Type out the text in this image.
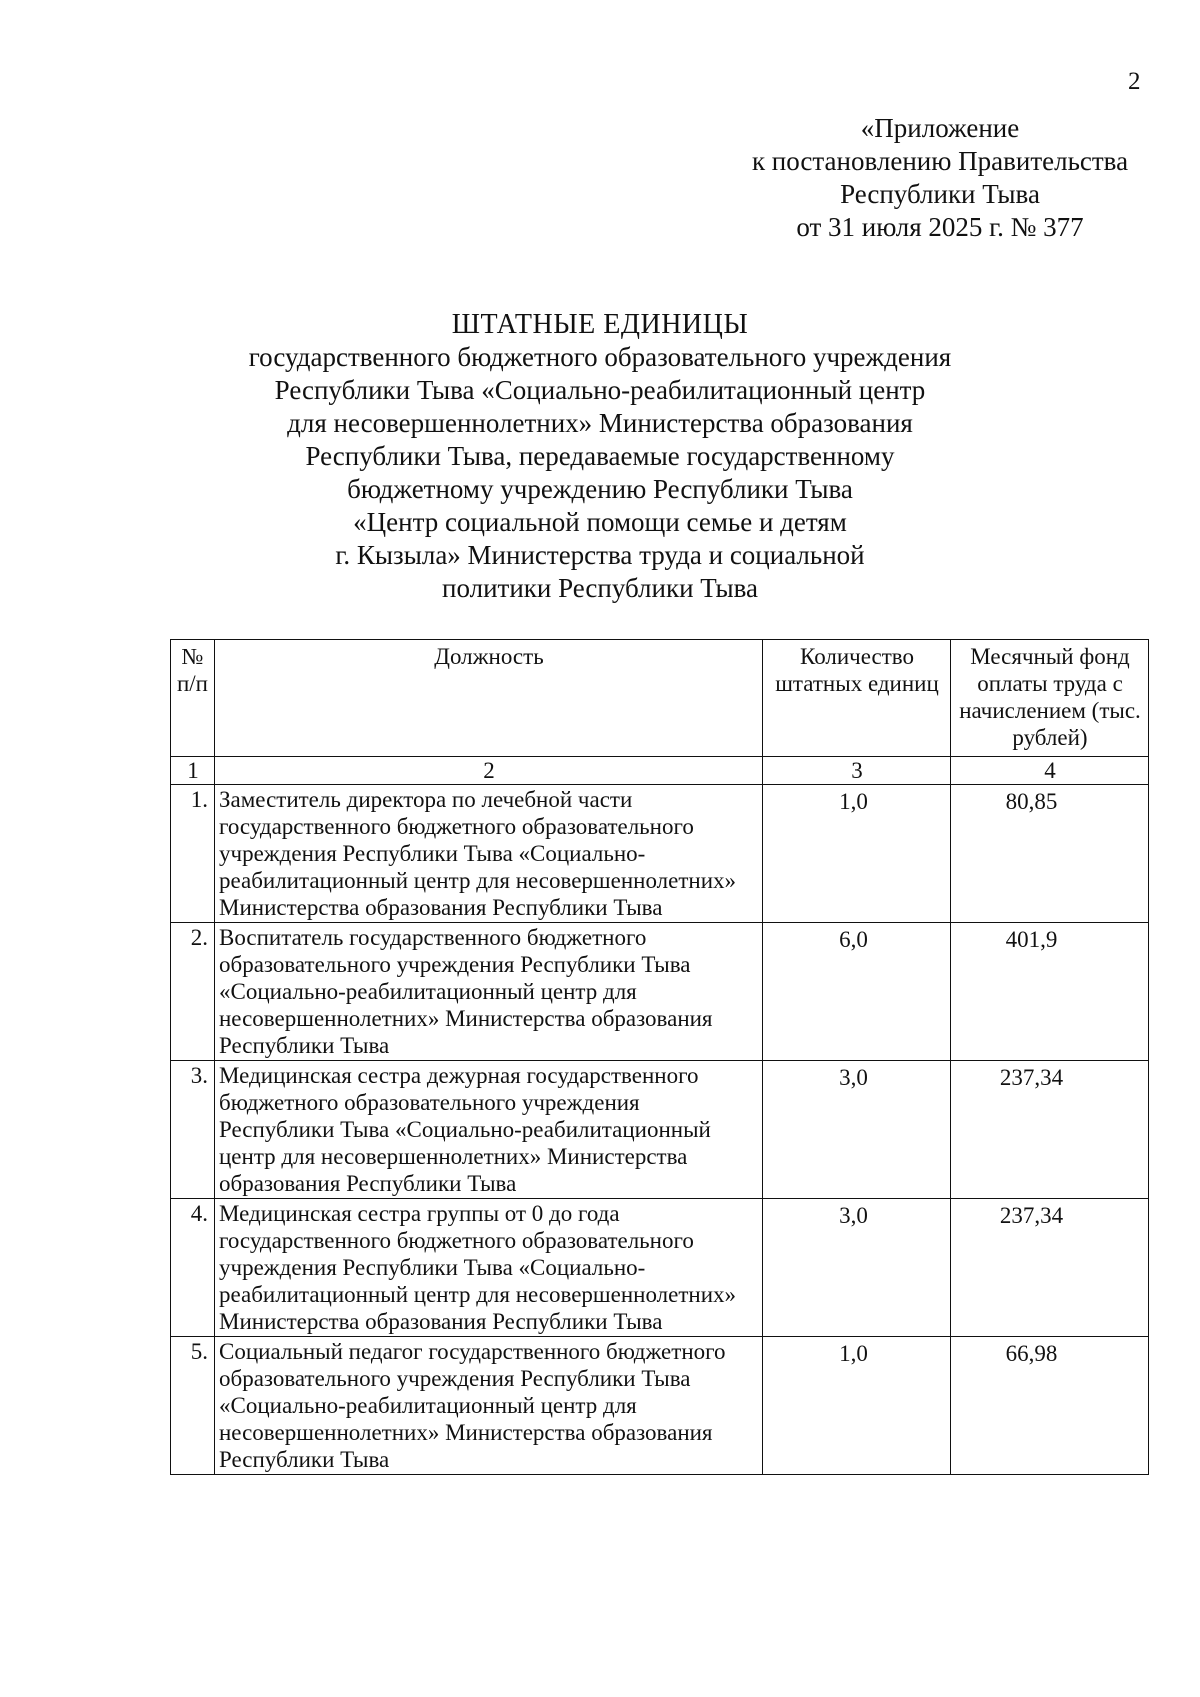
2
«Приложение
к постановлению Правительства
Республики Тыва
от 31 июля 2025 г. № 377
ШТАТНЫЕ ЕДИНИЦЫ
государственного бюджетного образовательного учреждения
Республики Тыва «Социально-реабилитационный центр
для несовершеннолетних» Министерства образования
Республики Тыва, передаваемые государственному
бюджетному учреждению Республики Тыва
«Центр социальной помощи семье и детям
г. Кызыла» Министерства труда и социальной
политики Республики Тыва
№ п/п	Должность	Количество штатных единиц	Месячный фонд оплаты труда с начислением (тыс. рублей)
1	2	3	4
1.	Заместитель директора по лечебной части государственного бюджетного образовательного учреждения Республики Тыва «Социально-реабилитационный центр для несовершеннолетних» Министерства образования Республики Тыва	1,0	80,85
2.	Воспитатель государственного бюджетного образовательного учреждения Республики Тыва «Социально-реабилитационный центр для несовершеннолетних» Министерства образования Республики Тыва	6,0	401,9
3.	Медицинская сестра дежурная государственного бюджетного образовательного учреждения Республики Тыва «Социально-реабилитационный центр для несовершеннолетних» Министерства образования Республики Тыва	3,0	237,34
4.	Медицинская сестра группы от 0 до года государственного бюджетного образовательного учреждения Республики Тыва «Социально-реабилитационный центр для несовершеннолетних» Министерства образования Республики Тыва	3,0	237,34
5.	Социальный педагог государственного бюджетного образовательного учреждения Республики Тыва «Социально-реабилитационный центр для несовершеннолетних» Министерства образования Республики Тыва	1,0	66,98
